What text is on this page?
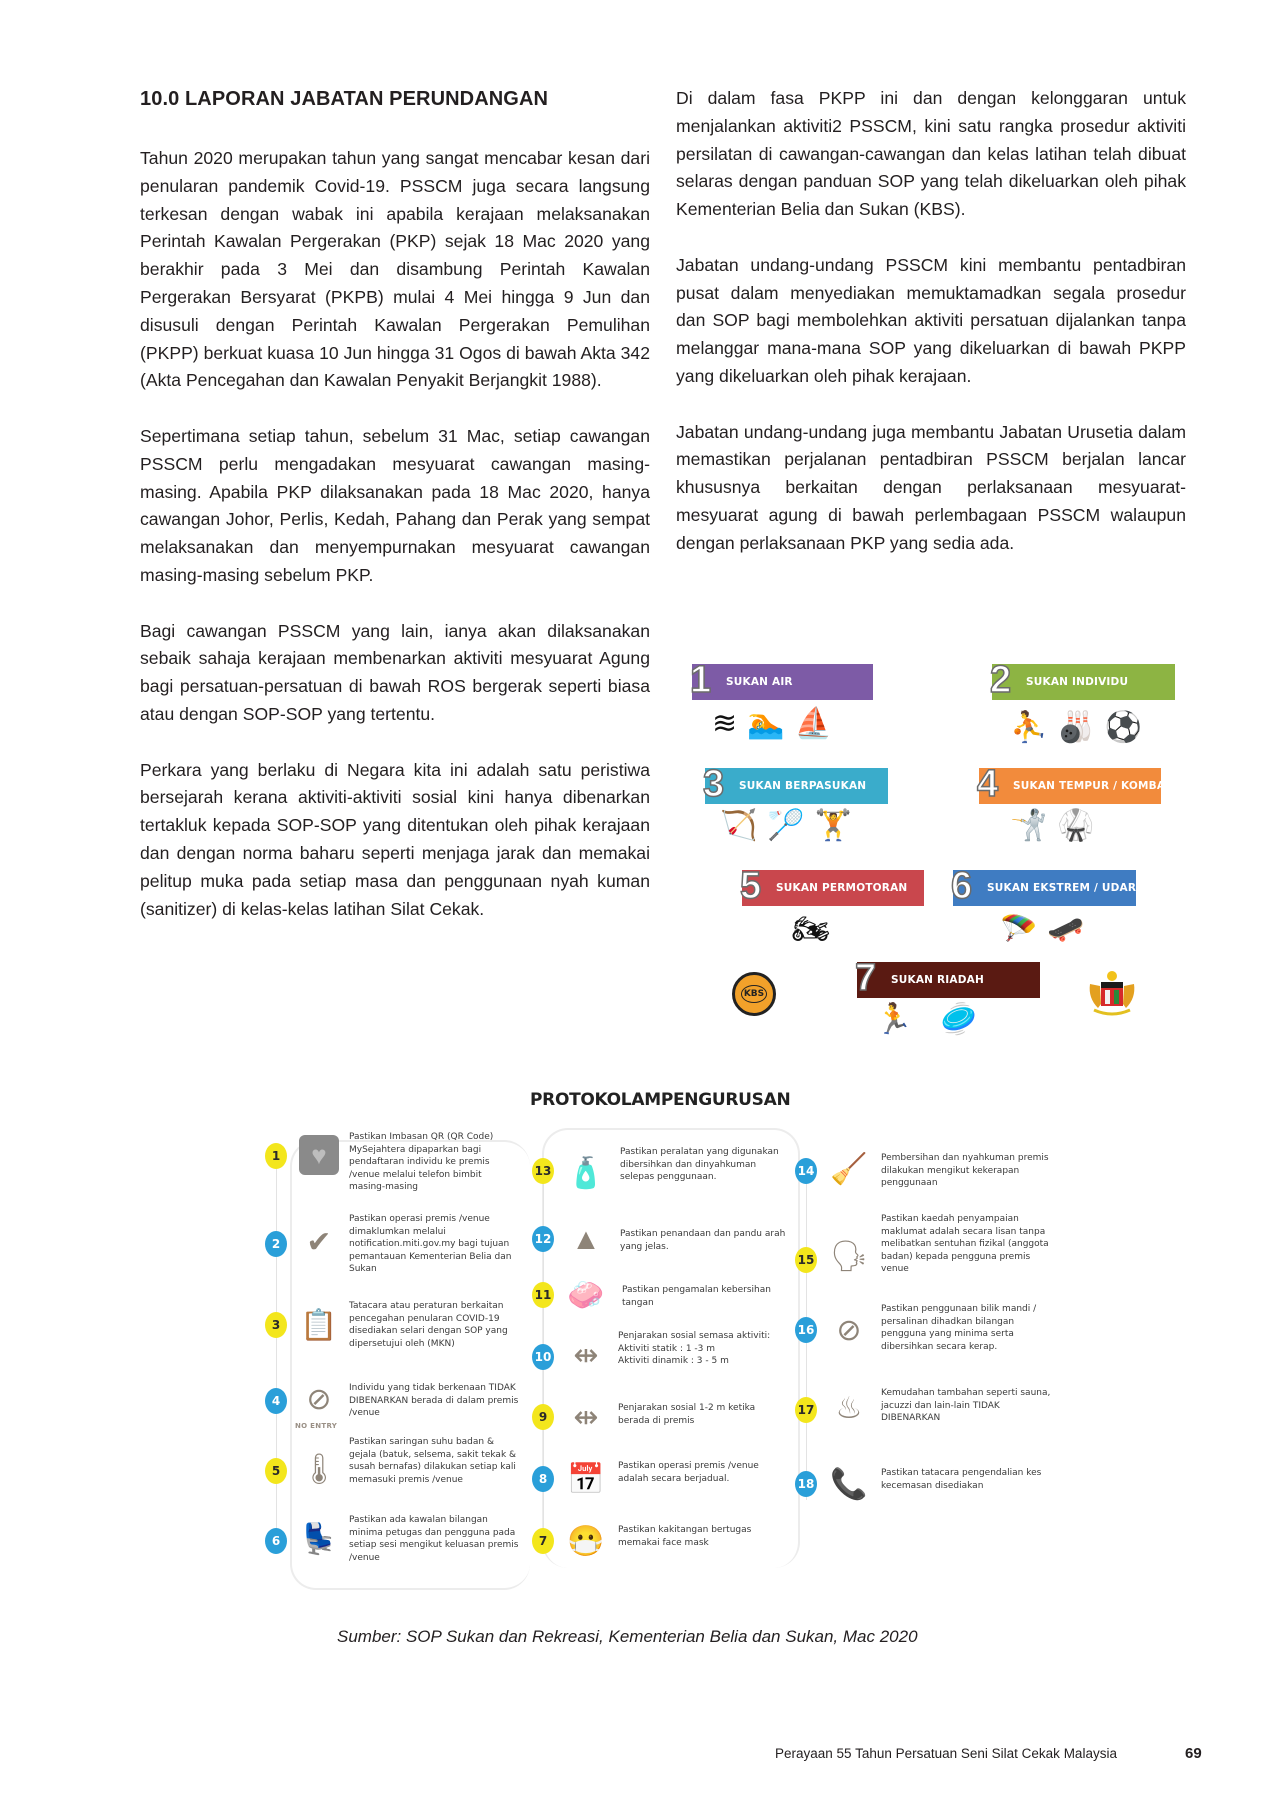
10.0 LAPORAN JABATAN PERUNDANGAN

Tahun 2020 merupakan tahun yang sangat mencabar kesan dari penularan pandemik Covid-19. PSSCM juga secara langsung terkesan dengan wabak ini apabila kerajaan melaksanakan Perintah Kawalan Pergerakan (PKP) sejak 18 Mac 2020 yang berakhir pada 3 Mei dan disambung Perintah Kawalan Pergerakan Bersyarat (PKPB) mulai 4 Mei hingga 9 Jun dan disusuli dengan Perintah Kawalan Pergerakan Pemulihan (PKPP) berkuat kuasa 10 Jun hingga 31 Ogos di bawah Akta 342 (Akta Pencegahan dan Kawalan Penyakit Berjangkit 1988).

Sepertimana setiap tahun, sebelum 31 Mac, setiap cawangan PSSCM perlu mengadakan mesyuarat cawangan masing-masing. Apabila PKP dilaksanakan pada 18 Mac 2020, hanya cawangan Johor, Perlis, Kedah, Pahang dan Perak yang sempat melaksanakan dan menyempurnakan mesyuarat cawangan masing-masing sebelum PKP.

Bagi cawangan PSSCM yang lain, ianya akan dilaksanakan sebaik sahaja kerajaan membenarkan aktiviti mesyuarat Agung bagi persatuan-persatuan di bawah ROS bergerak seperti biasa atau dengan SOP-SOP yang tertentu.

Perkara yang berlaku di Negara kita ini adalah satu peristiwa bersejarah kerana aktiviti-aktiviti sosial kini hanya dibenarkan tertakluk kepada SOP-SOP yang ditentukan oleh pihak kerajaan dan dengan norma baharu seperti menjaga jarak dan memakai pelitup muka pada setiap masa dan penggunaan nyah kuman (sanitizer) di kelas-kelas latihan Silat Cekak.

Di dalam fasa PKPP ini dan dengan kelonggaran untuk menjalankan aktiviti2 PSSCM, kini satu rangka prosedur aktiviti persilatan di cawangan-cawangan dan kelas latihan telah dibuat selaras dengan panduan SOP yang telah dikeluarkan oleh pihak Kementerian Belia dan Sukan (KBS).

Jabatan undang-undang PSSCM kini membantu pentadbiran pusat dalam menyediakan memuktamadkan segala prosedur dan SOP bagi membolehkan aktiviti persatuan dijalankan tanpa melanggar mana-mana SOP yang dikeluarkan di bawah PKPP yang dikeluarkan oleh pihak kerajaan.

Jabatan undang-undang juga membantu Jabatan Urusetia dalam memastikan perjalanan pentadbiran PSSCM berjalan lancar khususnya berkaitan dengan perlaksanaan mesyuarat-mesyuarat agung di bawah perlembagaan PSSCM walaupun dengan perlaksanaan PKP yang sedia ada.

1 SUKAN AIR
≋ 🏊 ⛵
2 SUKAN INDIVIDU
⛹ 🎳 ⚽
3 SUKAN BERPASUKAN
🏹 🏸 🏋
4 SUKAN TEMPUR / KOMBAT
🤺 🥋
5 SUKAN PERMOTORAN
🏍
6 SUKAN EKSTREM / UDARA
🪂 🛹
7 SUKAN RIADAH
🏃 🥏
KBS
PROTOKOLAMPENGURUSAN
1	♥
Pastikan Imbasan QR (QR Code) MySejahtera dipaparkan bagi pendaftaran individu ke premis /venue melalui telefon bimbit masing-masing
2 ✔
Pastikan operasi premis /venue dimaklumkan melalui notification.miti.gov.my bagi tujuan pemantauan Kementerian Belia dan Sukan
3 📋
Tatacara atau peraturan berkaitan pencegahan penularan COVID-19 disediakan selari dengan SOP yang dipersetujui oleh (MKN)
4 ⊘
NO ENTRY
Individu yang tidak berkenaan TIDAK DIBENARKAN berada di dalam premis /venue
5 🌡
Pastikan saringan suhu badan & gejala (batuk, selsema, sakit tekak & susah bernafas) dilakukan setiap kali memasuki premis /venue
6 💺
Pastikan ada kawalan bilangan minima petugas dan pengguna pada setiap sesi mengikut keluasan premis /venue
13 🧴
Pastikan peralatan yang digunakan dibersihkan dan dinyahkuman selepas penggunaan.
12 ▲	Pastikan penandaan dan pandu arah yang jelas.
11 🧼 Pastikan pengamalan kebersihan tangan
10 ⇹
Penjarakan sosial semasa aktiviti:
Aktiviti statik : 1 -3 m
Aktiviti dinamik : 3 - 5 m
9 ⇹	Penjarakan sosial 1-2 m ketika berada di premis
8 📅 Pastikan operasi premis /venue adalah secara berjadual.
7 😷 Pastikan kakitangan bertugas memakai face mask
14 🧹 Pembersihan dan nyahkuman premis dilakukan mengikut kekerapan penggunaan
15 🗣
Pastikan kaedah penyampaian maklumat adalah secara lisan tanpa melibatkan sentuhan fizikal (anggota badan) kepada pengguna premis venue
16 ⊘
Pastikan penggunaan bilik mandi / persalinan dihadkan bilangan pengguna yang minima serta dibersihkan secara kerap.
17 ♨	Kemudahan tambahan seperti sauna, jacuzzi dan lain-lain TIDAK DIBENARKAN
18 📞 Pastikan tatacara pengendalian kes kecemasan disediakan
Sumber: SOP Sukan dan Rekreasi, Kementerian Belia dan Sukan, Mac 2020
Perayaan 55 Tahun Persatuan Seni Silat Cekak Malaysia	69
